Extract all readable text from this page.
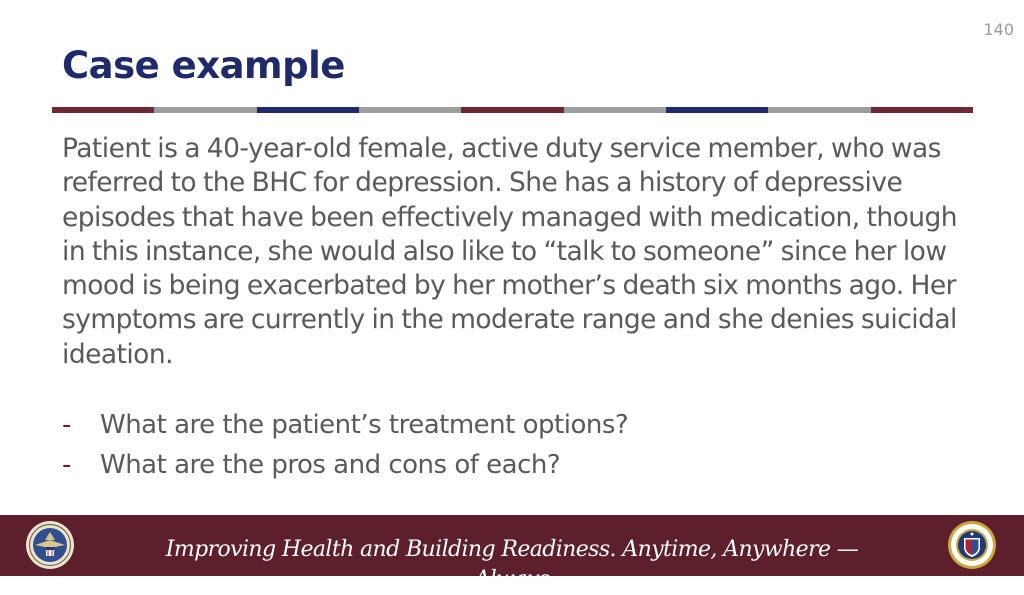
140
Case example

Patient is a 40-year-old female, active duty service member, who was referred to the BHC for depression. She has a history of depressive episodes that have been effectively managed with medication, though in this instance, she would also like to “talk to someone” since her low mood is being exacerbated by her mother’s death six months ago. Her symptoms are currently in the moderate range and she denies suicidal ideation.

-	What are the patient’s treatment options?
-	What are the pros and cons of each?
Improving Health and Building Readiness. Anytime, Anywhere — Always
